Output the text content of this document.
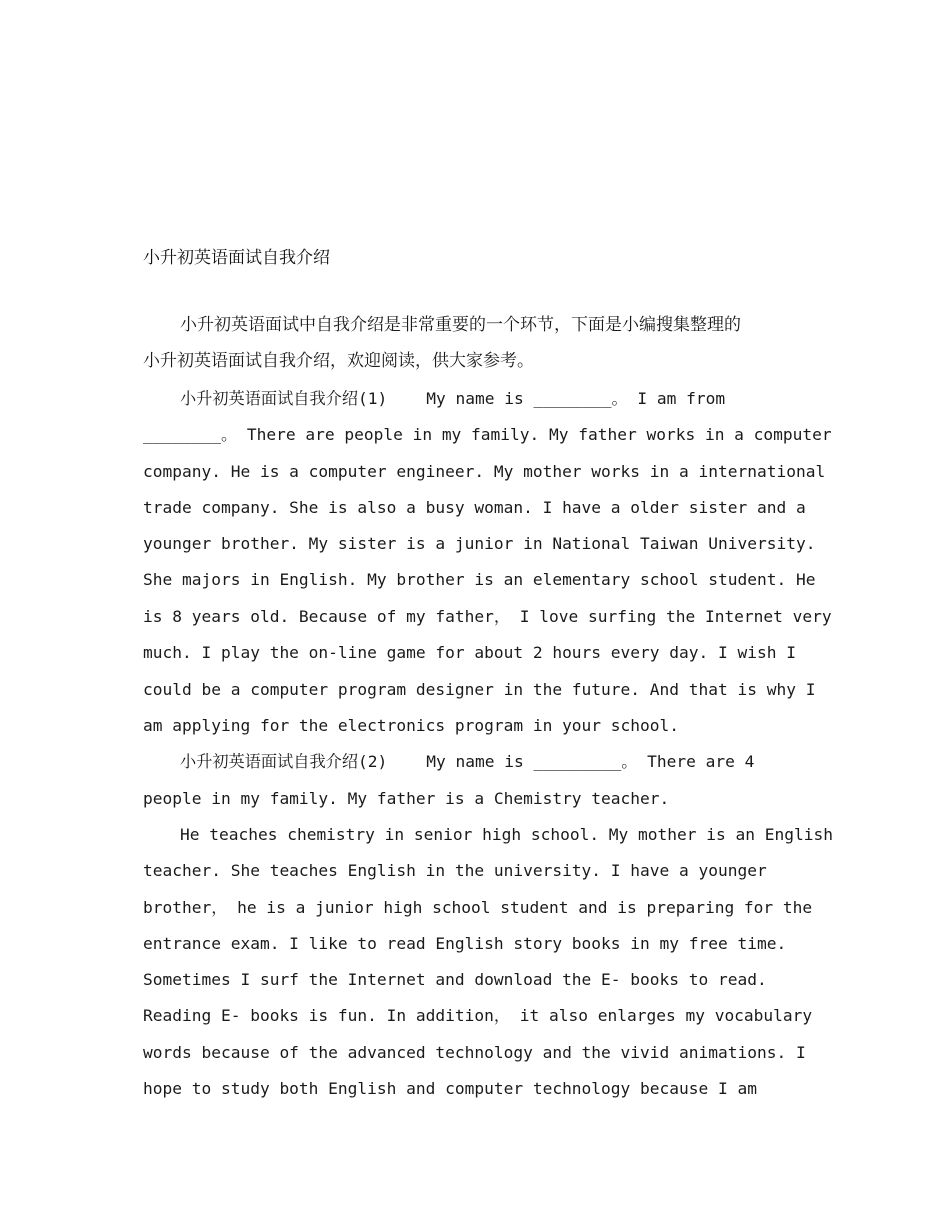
小升初英语面试自我介绍
小升初英语面试中自我介绍是非常重要的一个环节，下面是小编搜集整理的
小升初英语面试自我介绍，欢迎阅读，供大家参考。
小升初英语面试自我介绍(1)    My name is ________。 I am from
________。 There are people in my family. My father works in a computer
company. He is a computer engineer. My mother works in a international
trade company. She is also a busy woman. I have a older sister and a
younger brother. My sister is a junior in National Taiwan University.
She majors in English. My brother is an elementary school student. He
is 8 years old. Because of my father， I love surfing the Internet very
much. I play the on-line game for about 2 hours every day. I wish I
could be a computer program designer in the future. And that is why I
am applying for the electronics program in your school.
小升初英语面试自我介绍(2)    My name is _________。 There are 4
people in my family. My father is a Chemistry teacher.
He teaches chemistry in senior high school. My mother is an English
teacher. She teaches English in the university. I have a younger
brother， he is a junior high school student and is preparing for the
entrance exam. I like to read English story books in my free time.
Sometimes I surf the Internet and download the E- books to read.
Reading E- books is fun. In addition， it also enlarges my vocabulary
words because of the advanced technology and the vivid animations. I
hope to study both English and computer technology because I am
